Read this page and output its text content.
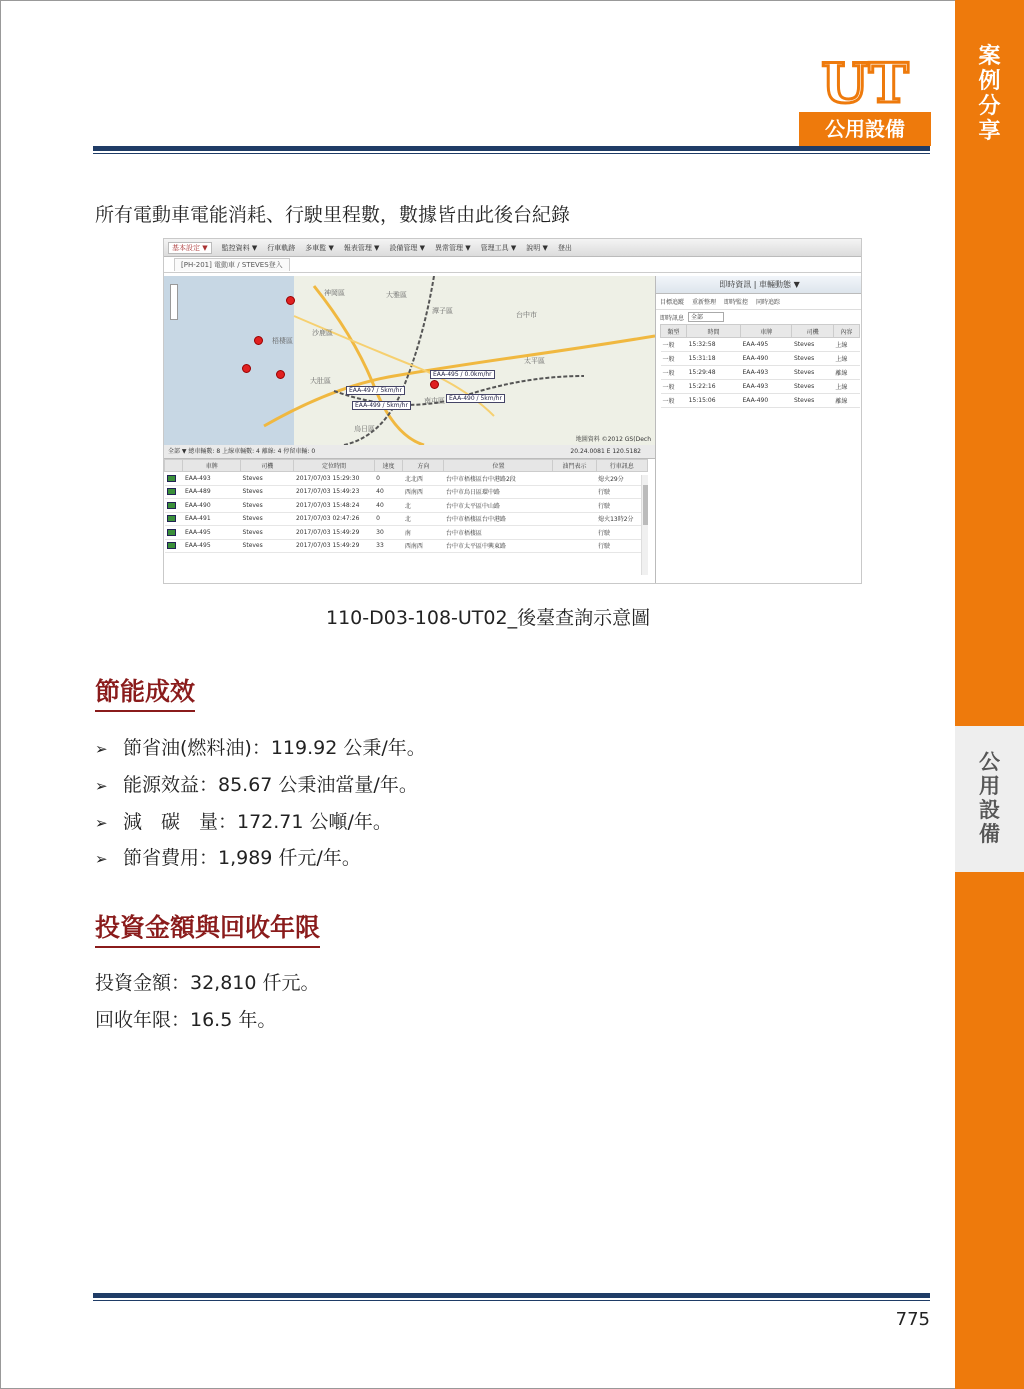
案
例
分
享
公
用
設
備
UT
公用設備
所有電動車電能消耗、行駛里程數，數據皆由此後台紀錄
基本設定 ▼	監控資料 ▼ 行車軌跡 多車監 ▼ 報表管理 ▼ 設備管理 ▼ 異常管理 ▼ 管理工具 ▼ 說明 ▼ 登出
[PH-201] 電動車 / STEVES登入
台中市
大雅區
潭子區
神岡區
梧棲區
沙鹿區
大肚區
烏日區
太平區
南屯區
EAA-495 / 0.0km/hr
EAA-497 / 5km/hr
EAA-499 / 5km/hr
EAA-490 / 5km/hr
地圖資料 ©2012 GS(Dech
即時資訊 | 車輛動態 ▼
目標追蹤 重新整理 即時監控 同時追踪
即時訊息	全部
類型	時間	車牌	司機	內容
一般	15:32:58	EAA-495	Steves	上線
一般	15:31:18	EAA-490	Steves	上線
一般	15:29:48	EAA-493	Steves	離線
一般	15:22:16	EAA-493	Steves	上線
一般	15:15:06	EAA-490	Steves	離線
全部 ▼ 總車輛數: 8 上線車輛數: 4 離線: 4 停留車輛: 0	20.24.0081 E 120.5182
	車牌	司機	定位時間	速度	方向	位置	油門表示	行車訊息
	EAA-493	Steves	2017/07/03 15:29:30	0	北北西	台中市梧棲區台中港路2段		熄火29分
	EAA-489	Steves	2017/07/03 15:49:23	40	西南西	台中市烏日區環中路		行駛
	EAA-490	Steves	2017/07/03 15:48:24	40	北	台中市太平區中山路		行駛
	EAA-491	Steves	2017/07/03 02:47:26	0	北	台中市梧棲區台中港路		熄火13時2分
	EAA-495	Steves	2017/07/03 15:49:29	30	南	台中市梧棲區		行駛
	EAA-495	Steves	2017/07/03 15:49:29	33	西南西	台中市太平區中興東路		行駛
110-D03-108-UT02_後臺查詢示意圖
節能成效
➢ 節省油(燃料油)：119.92 公秉/年。
➢ 能源效益：85.67 公秉油當量/年。
➢ 減　碳　量：172.71 公噸/年。
➢ 節省費用：1,989 仟元/年。
投資金額與回收年限
投資金額：32,810 仟元。
回收年限：16.5 年。
775
